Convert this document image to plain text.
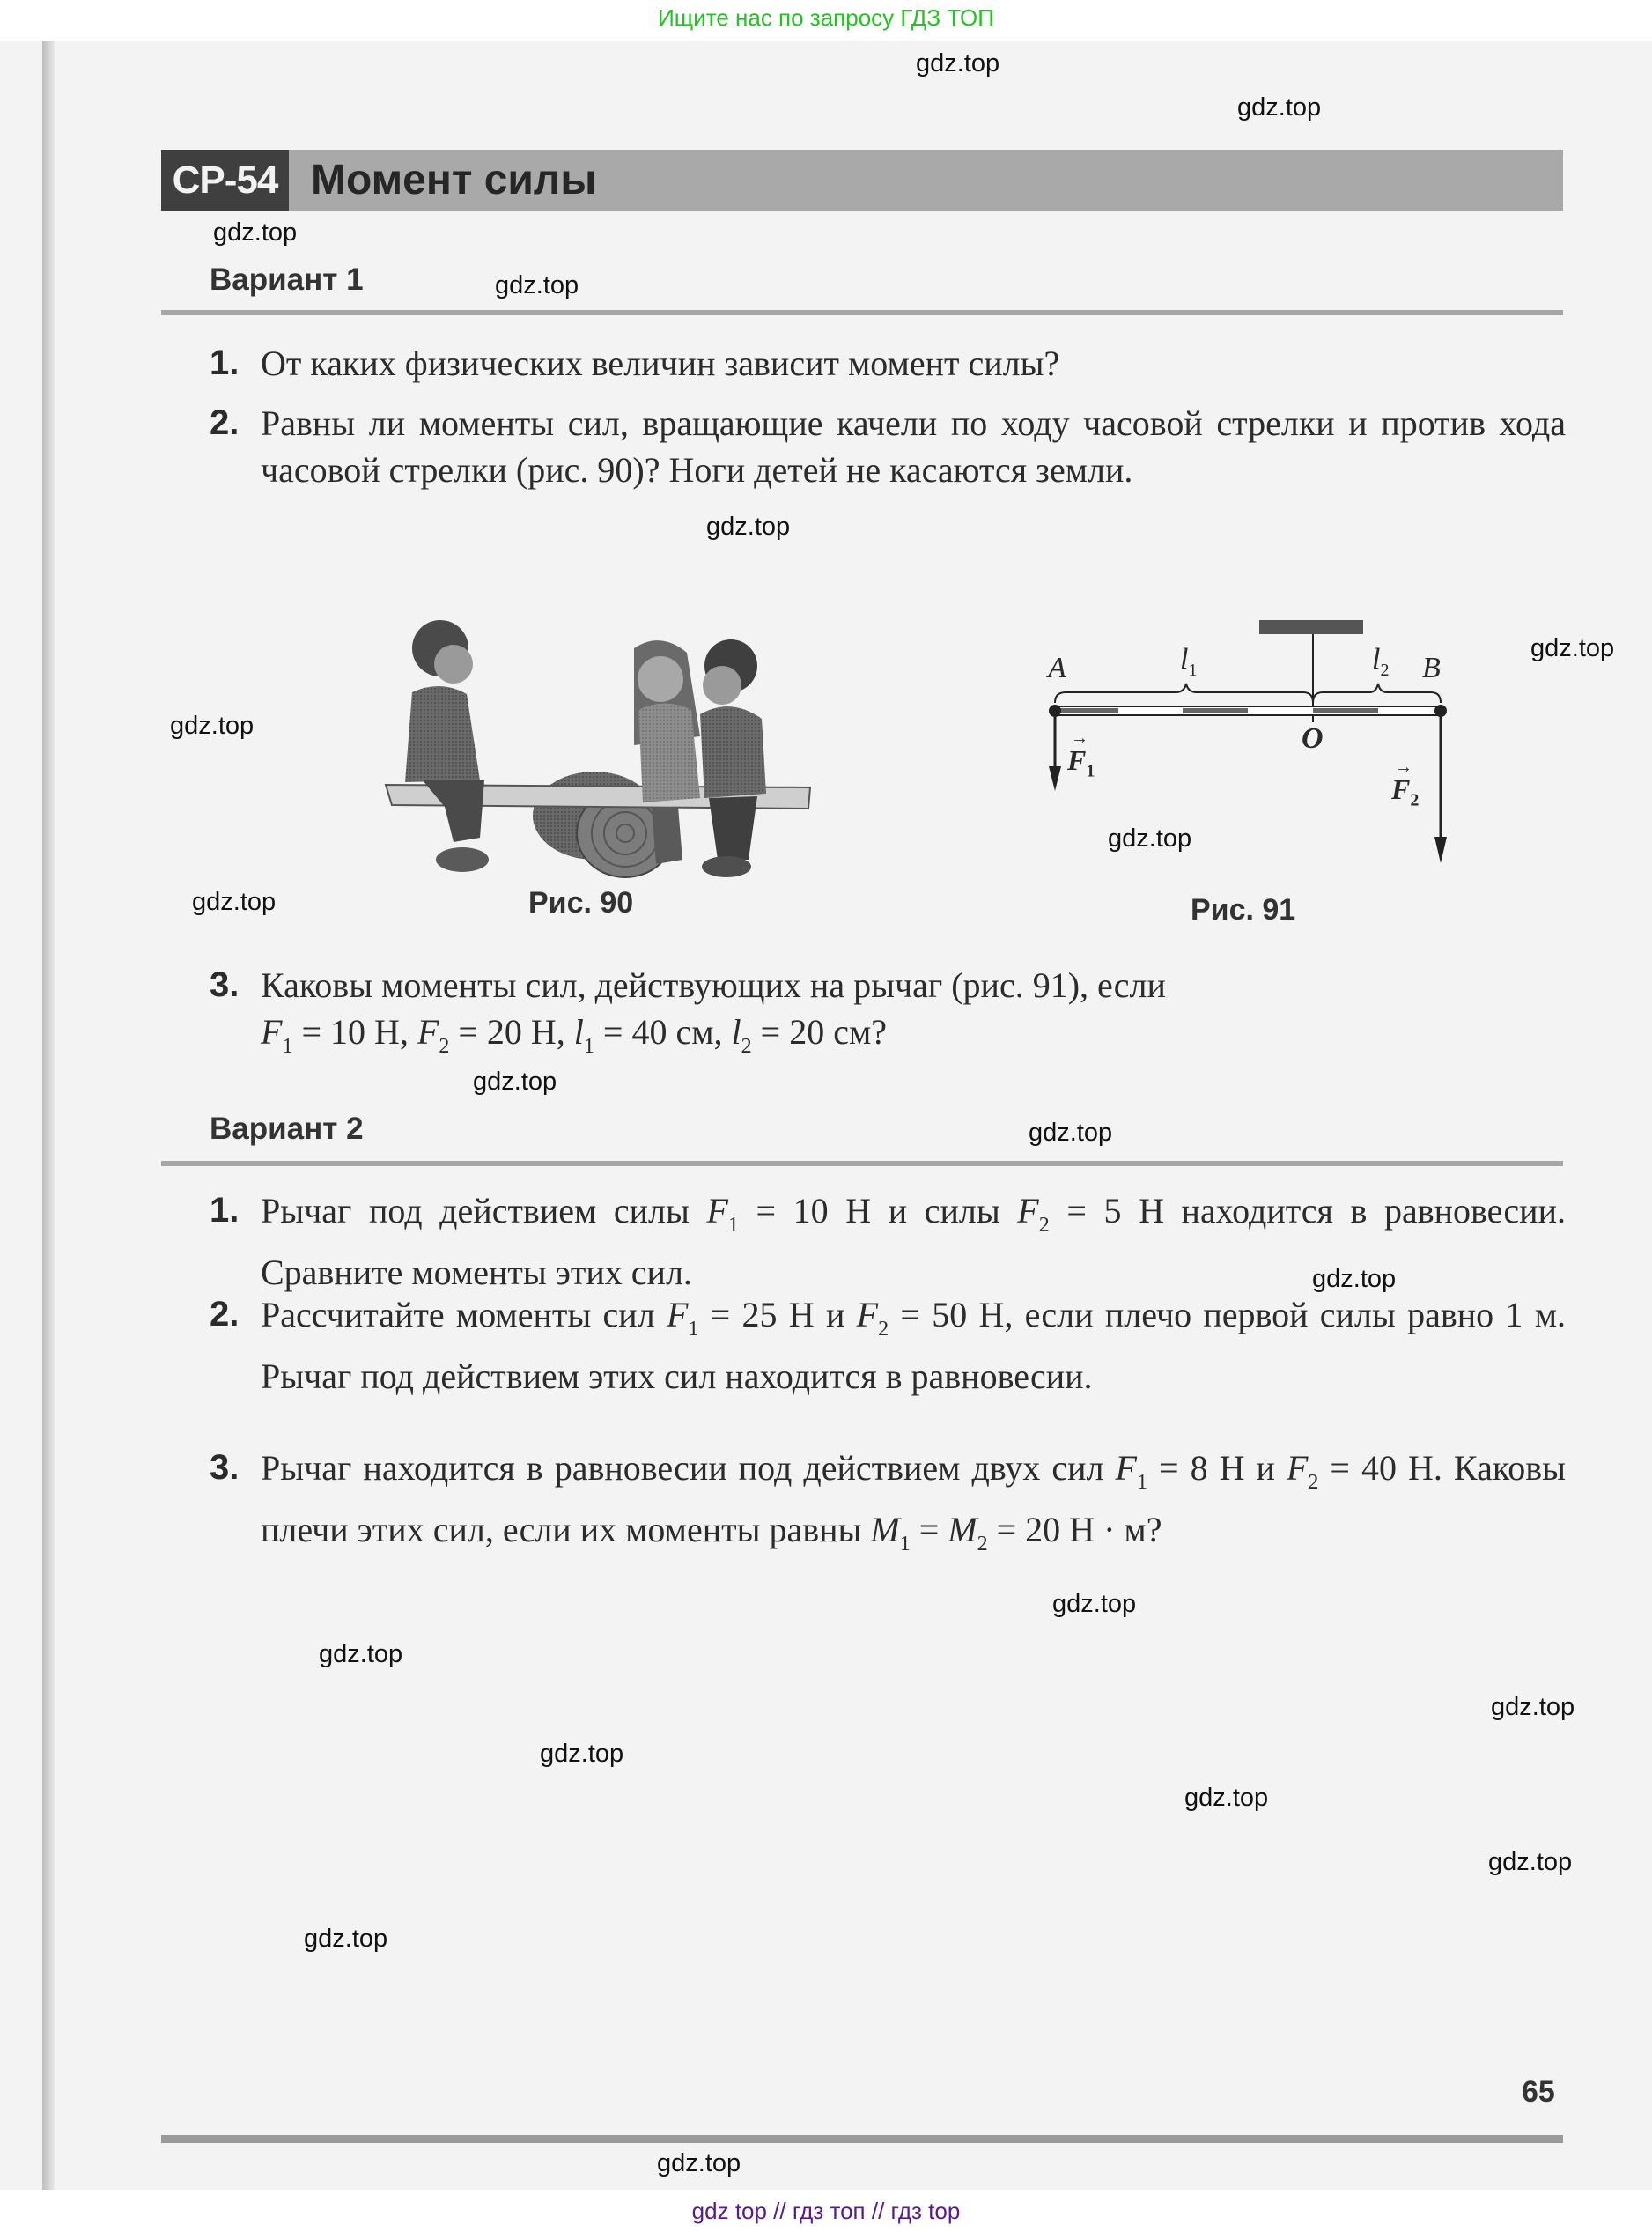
Ищите нас по запросу ГДЗ ТОП
СР-54 Момент силы
Вариант 1
1. От каких физических величин зависит момент силы?
2. Равны ли моменты сил, вращающие качели по ходу часовой стрелки и против хода часовой стрелки (рис. 90)? Ноги детей не касаются земли.
Рис. 90
A	$l_1$	$l_2$ B
O
→
$F_1$	→
$F_2$
Рис. 91
3. Каковы моменты сил, действующих на рычаг (рис. 91), если
$F_1 = 10$ Н, $F_2 = 20$ Н, $l_1 = 40$ см, $l_2 = 20$ см?
Вариант 2
1. Рычаг под действием силы $F_1 = 10$ Н и силы $F_2 = 5$ Н находится в равновесии. Сравните моменты этих сил.
2. Рассчитайте моменты сил $F_1 = 25$ Н и $F_2 = 50$ Н, если плечо первой силы равно 1 м. Рычаг под действием этих сил находится в равновесии.
3. Рычаг находится в равновесии под действием двух сил $F_1 = 8$ Н и $F_2 = 40$ Н. Каковы плечи этих сил, если их моменты равны $M_1 = M_2 = 20$ Н · м?
65
gdz.top
gdz.top
gdz.top
gdz.top
gdz.top
gdz.top
gdz.top
gdz.top
gdz.top
gdz.top
gdz.top
gdz.top
gdz.top
gdz.top
gdz.top
gdz.top
gdz.top
gdz.top
gdz.top
gdz.top
gdz top // гдз топ // гдз top
